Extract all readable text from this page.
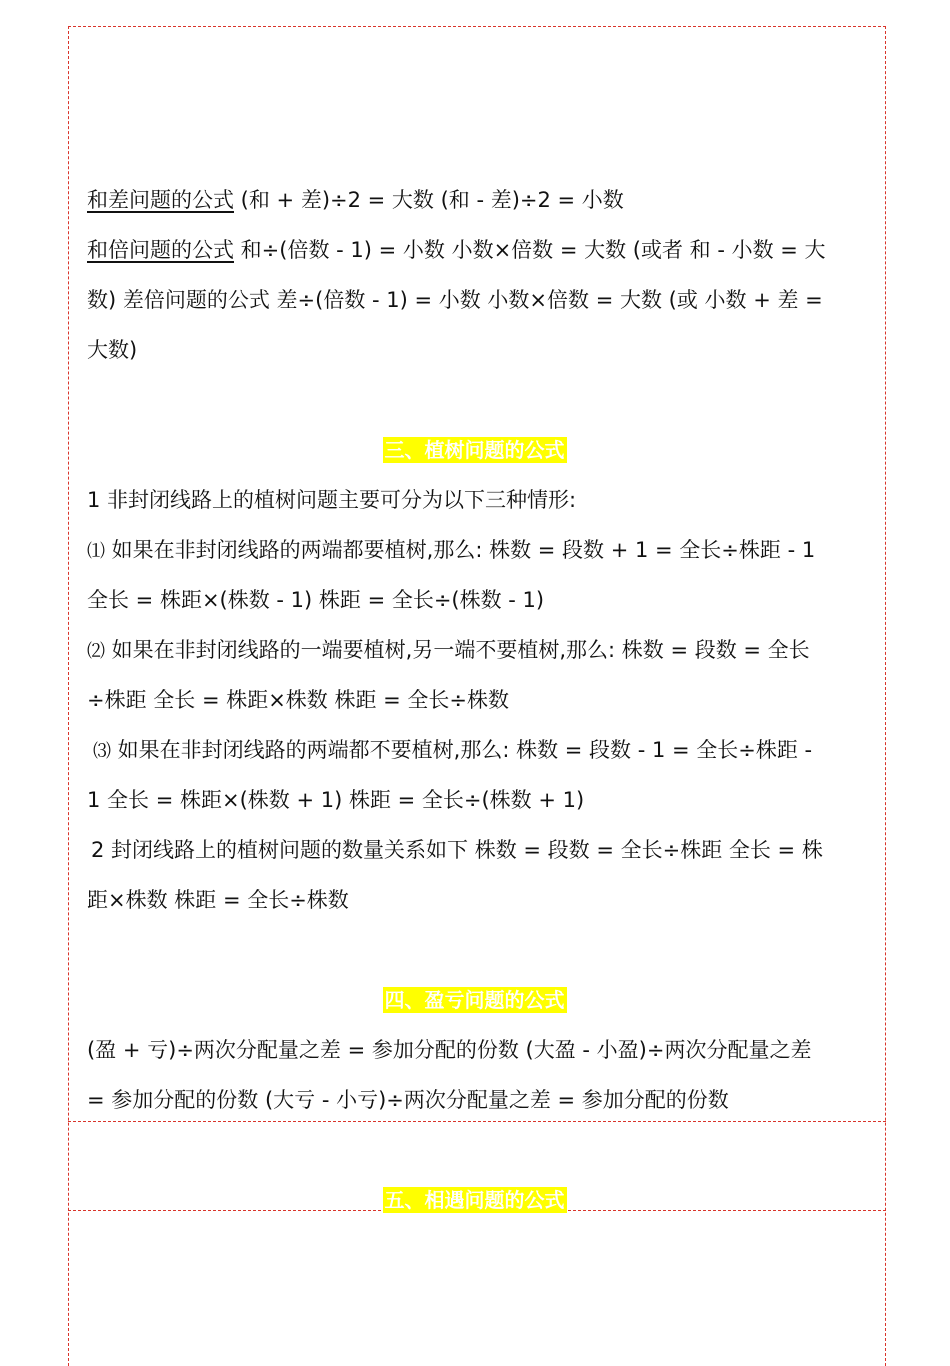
和差问题的公式 (和 + 差)÷2 = 大数 (和 - 差)÷2 = 小数
和倍问题的公式 和÷(倍数 - 1) = 小数 小数×倍数 = 大数 (或者 和 - 小数 = 大
数) 差倍问题的公式 差÷(倍数 - 1) = 小数 小数×倍数 = 大数 (或 小数 + 差 =
大数)
三、植树问题的公式
1 非封闭线路上的植树问题主要可分为以下三种情形:
⑴ 如果在非封闭线路的两端都要植树,那么: 株数 = 段数 + 1 = 全长÷株距 - 1
全长 = 株距×(株数 - 1) 株距 = 全长÷(株数 - 1)
⑵ 如果在非封闭线路的一端要植树,另一端不要植树,那么: 株数 = 段数 = 全长
÷株距 全长 = 株距×株数 株距 = 全长÷株数
⑶ 如果在非封闭线路的两端都不要植树,那么: 株数 = 段数 - 1 = 全长÷株距 -
1 全长 = 株距×(株数 + 1) 株距 = 全长÷(株数 + 1)
2 封闭线路上的植树问题的数量关系如下 株数 = 段数 = 全长÷株距 全长 = 株
距×株数 株距 = 全长÷株数
四、盈亏问题的公式
(盈 + 亏)÷两次分配量之差 = 参加分配的份数 (大盈 - 小盈)÷两次分配量之差
= 参加分配的份数 (大亏 - 小亏)÷两次分配量之差 = 参加分配的份数
五、相遇问题的公式
